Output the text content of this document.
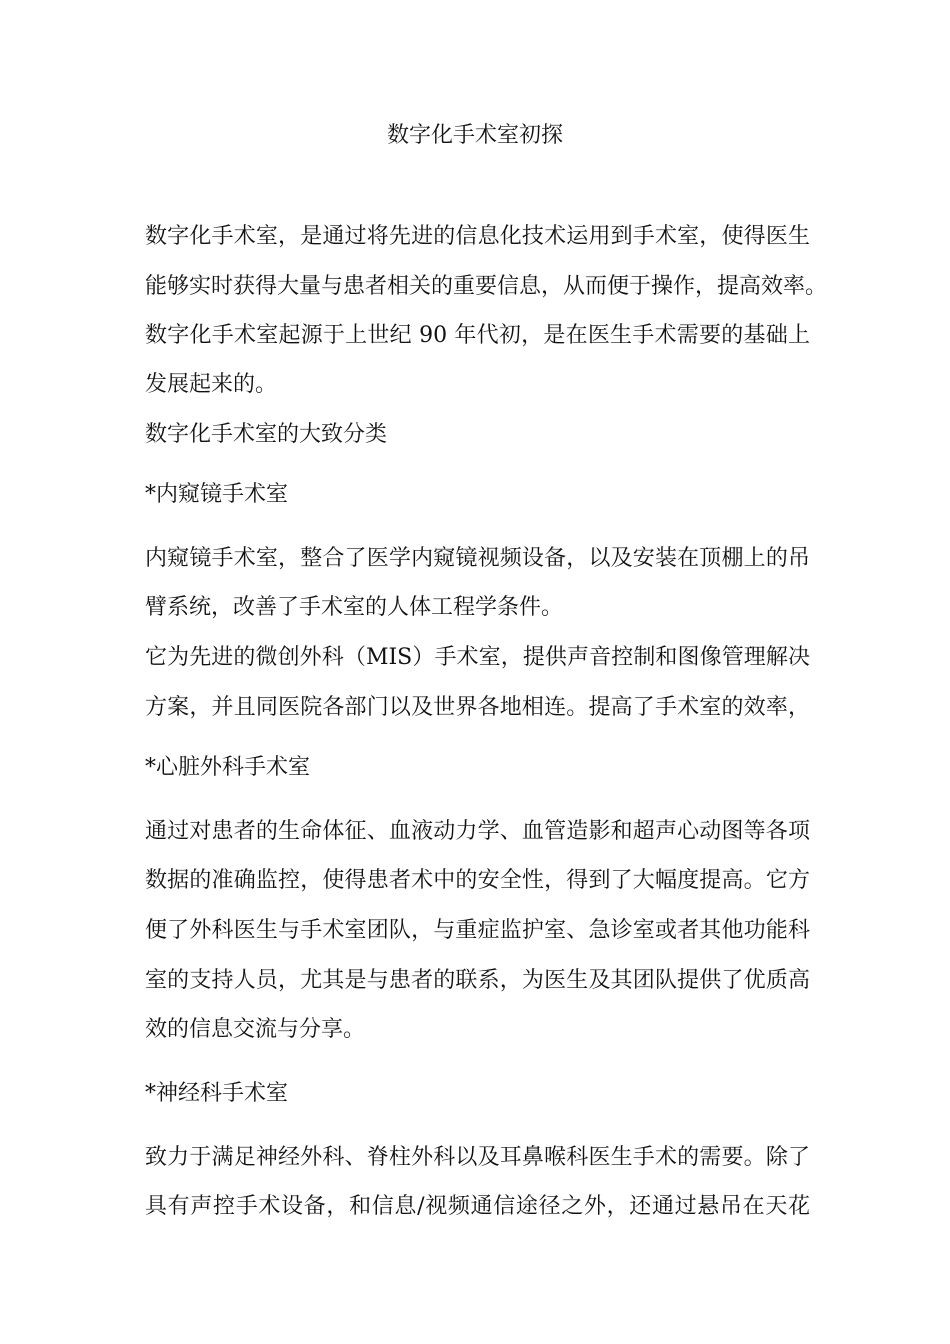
数字化手术室初探

数字化手术室，是通过将先进的信息化技术运用到手术室，使得医生

能够实时获得大量与患者相关的重要信息，从而便于操作，提高效率。

数字化手术室起源于上世纪 90 年代初，是在医生手术需要的基础上

发展起来的。

数字化手术室的大致分类

*内窥镜手术室

内窥镜手术室，整合了医学内窥镜视频设备，以及安装在顶棚上的吊

臂系统，改善了手术室的人体工程学条件。

它为先进的微创外科（MIS）手术室，提供声音控制和图像管理解决

方案，并且同医院各部门以及世界各地相连。提高了手术室的效率，

*心脏外科手术室

通过对患者的生命体征、血液动力学、血管造影和超声心动图等各项

数据的准确监控，使得患者术中的安全性，得到了大幅度提高。它方

便了外科医生与手术室团队，与重症监护室、急诊室或者其他功能科

室的支持人员，尤其是与患者的联系，为医生及其团队提供了优质高

效的信息交流与分享。

*神经科手术室

致力于满足神经外科、脊柱外科以及耳鼻喉科医生手术的需要。除了

具有声控手术设备，和信息/视频通信途径之外，还通过悬吊在天花
